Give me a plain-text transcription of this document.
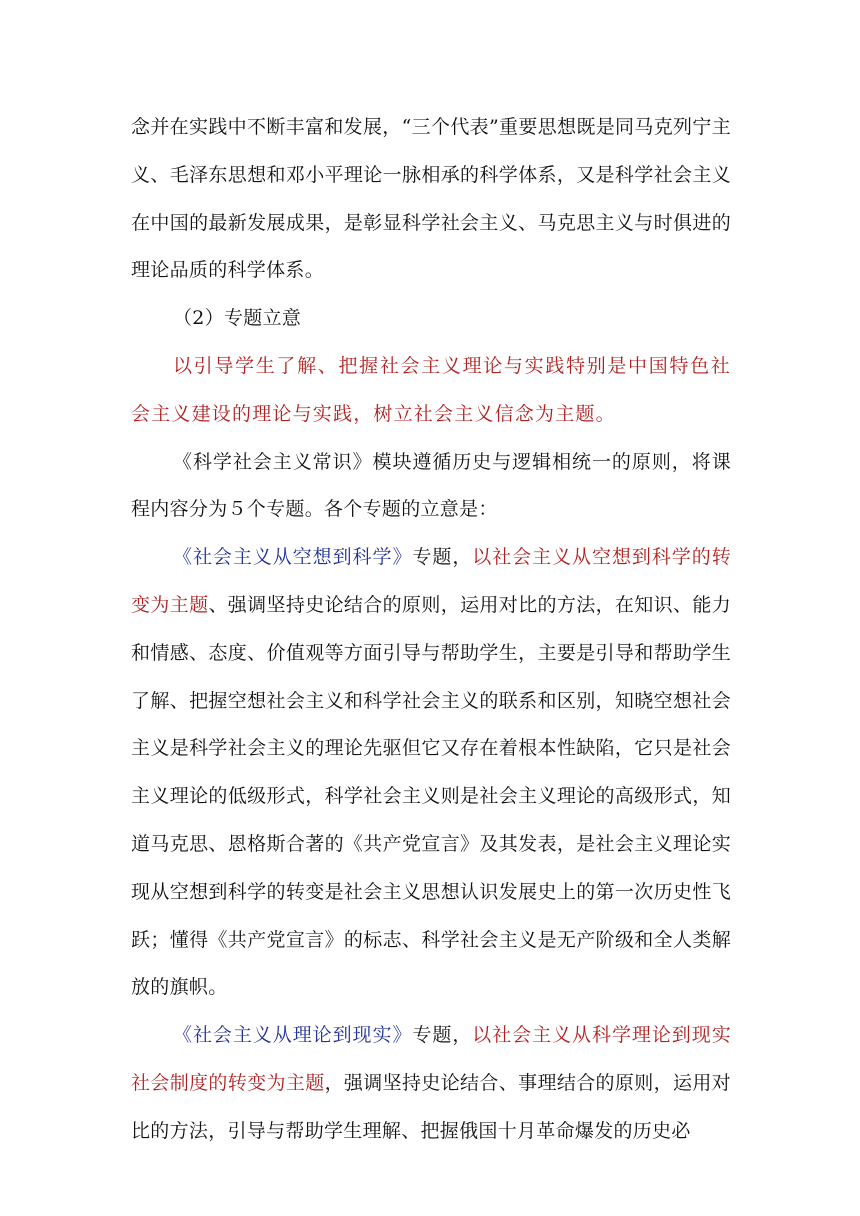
念并在实践中不断丰富和发展，“三个代表”重要思想既是同马克列宁主义、毛泽东思想和邓小平理论一脉相承的科学体系，又是科学社会主义在中国的最新发展成果，是彰显科学社会主义、马克思主义与时俱进的理论品质的科学体系。

（2）专题立意

以引导学生了解、把握社会主义理论与实践特别是中国特色社会主义建设的理论与实践，树立社会主义信念为主题。

《科学社会主义常识》模块遵循历史与逻辑相统一的原则，将课程内容分为５个专题。各个专题的立意是：

《社会主义从空想到科学》专题，以社会主义从空想到科学的转变为主题、强调坚持史论结合的原则，运用对比的方法，在知识、能力和情感、态度、价值观等方面引导与帮助学生，主要是引导和帮助学生了解、把握空想社会主义和科学社会主义的联系和区别，知晓空想社会主义是科学社会主义的理论先驱但它又存在着根本性缺陷，它只是社会主义理论的低级形式，科学社会主义则是社会主义理论的高级形式，知道马克思、恩格斯合著的《共产党宣言》及其发表，是社会主义理论实现从空想到科学的转变是社会主义思想认识发展史上的第一次历史性飞跃；懂得《共产党宣言》的标志、科学社会主义是无产阶级和全人类解放的旗帜。

《社会主义从理论到现实》专题，以社会主义从科学理论到现实社会制度的转变为主题，强调坚持史论结合、事理结合的原则，运用对比的方法，引导与帮助学生理解、把握俄国十月革命爆发的历史必
